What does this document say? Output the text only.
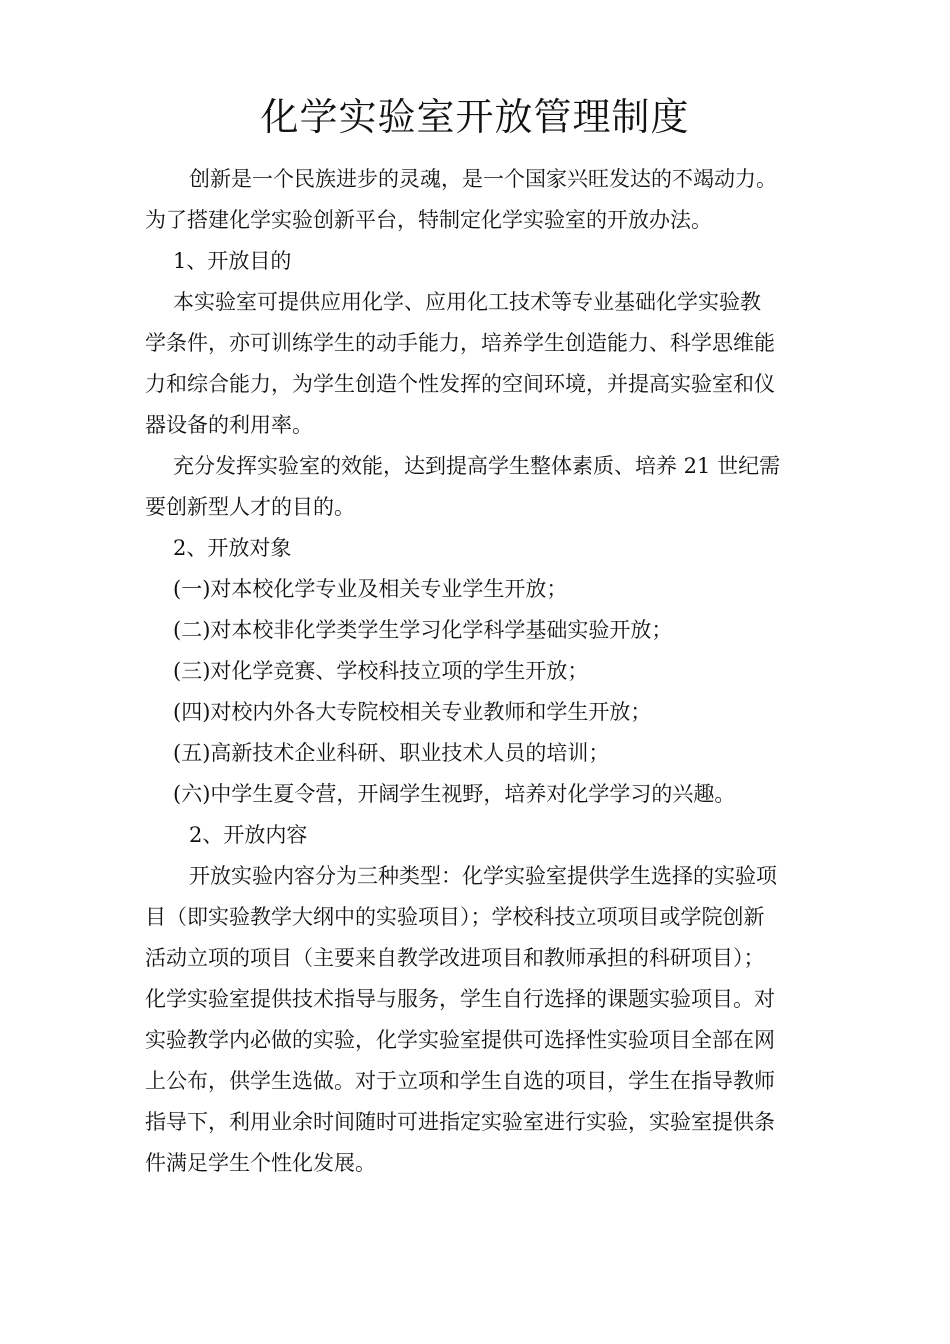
化学实验室开放管理制度

创新是一个民族进步的灵魂，是一个国家兴旺发达的不竭动力。

为了搭建化学实验创新平台，特制定化学实验室的开放办法。

1、开放目的

本实验室可提供应用化学、应用化工技术等专业基础化学实验教

学条件，亦可训练学生的动手能力，培养学生创造能力、科学思维能

力和综合能力，为学生创造个性发挥的空间环境，并提高实验室和仪

器设备的利用率。

充分发挥实验室的效能，达到提高学生整体素质、培养 21 世纪需

要创新型人才的目的。

2、开放对象

(一)对本校化学专业及相关专业学生开放；

(二)对本校非化学类学生学习化学科学基础实验开放；

(三)对化学竞赛、学校科技立项的学生开放；

(四)对校内外各大专院校相关专业教师和学生开放；

(五)高新技术企业科研、职业技术人员的培训；

(六)中学生夏令营，开阔学生视野，培养对化学学习的兴趣。

2、开放内容

开放实验内容分为三种类型：化学实验室提供学生选择的实验项

目（即实验教学大纲中的实验项目）；学校科技立项项目或学院创新

活动立项的项目（主要来自教学改进项目和教师承担的科研项目）；

化学实验室提供技术指导与服务，学生自行选择的课题实验项目。对

实验教学内必做的实验，化学实验室提供可选择性实验项目全部在网

上公布，供学生选做。对于立项和学生自选的项目，学生在指导教师

指导下，利用业余时间随时可进指定实验室进行实验，实验室提供条

件满足学生个性化发展。
